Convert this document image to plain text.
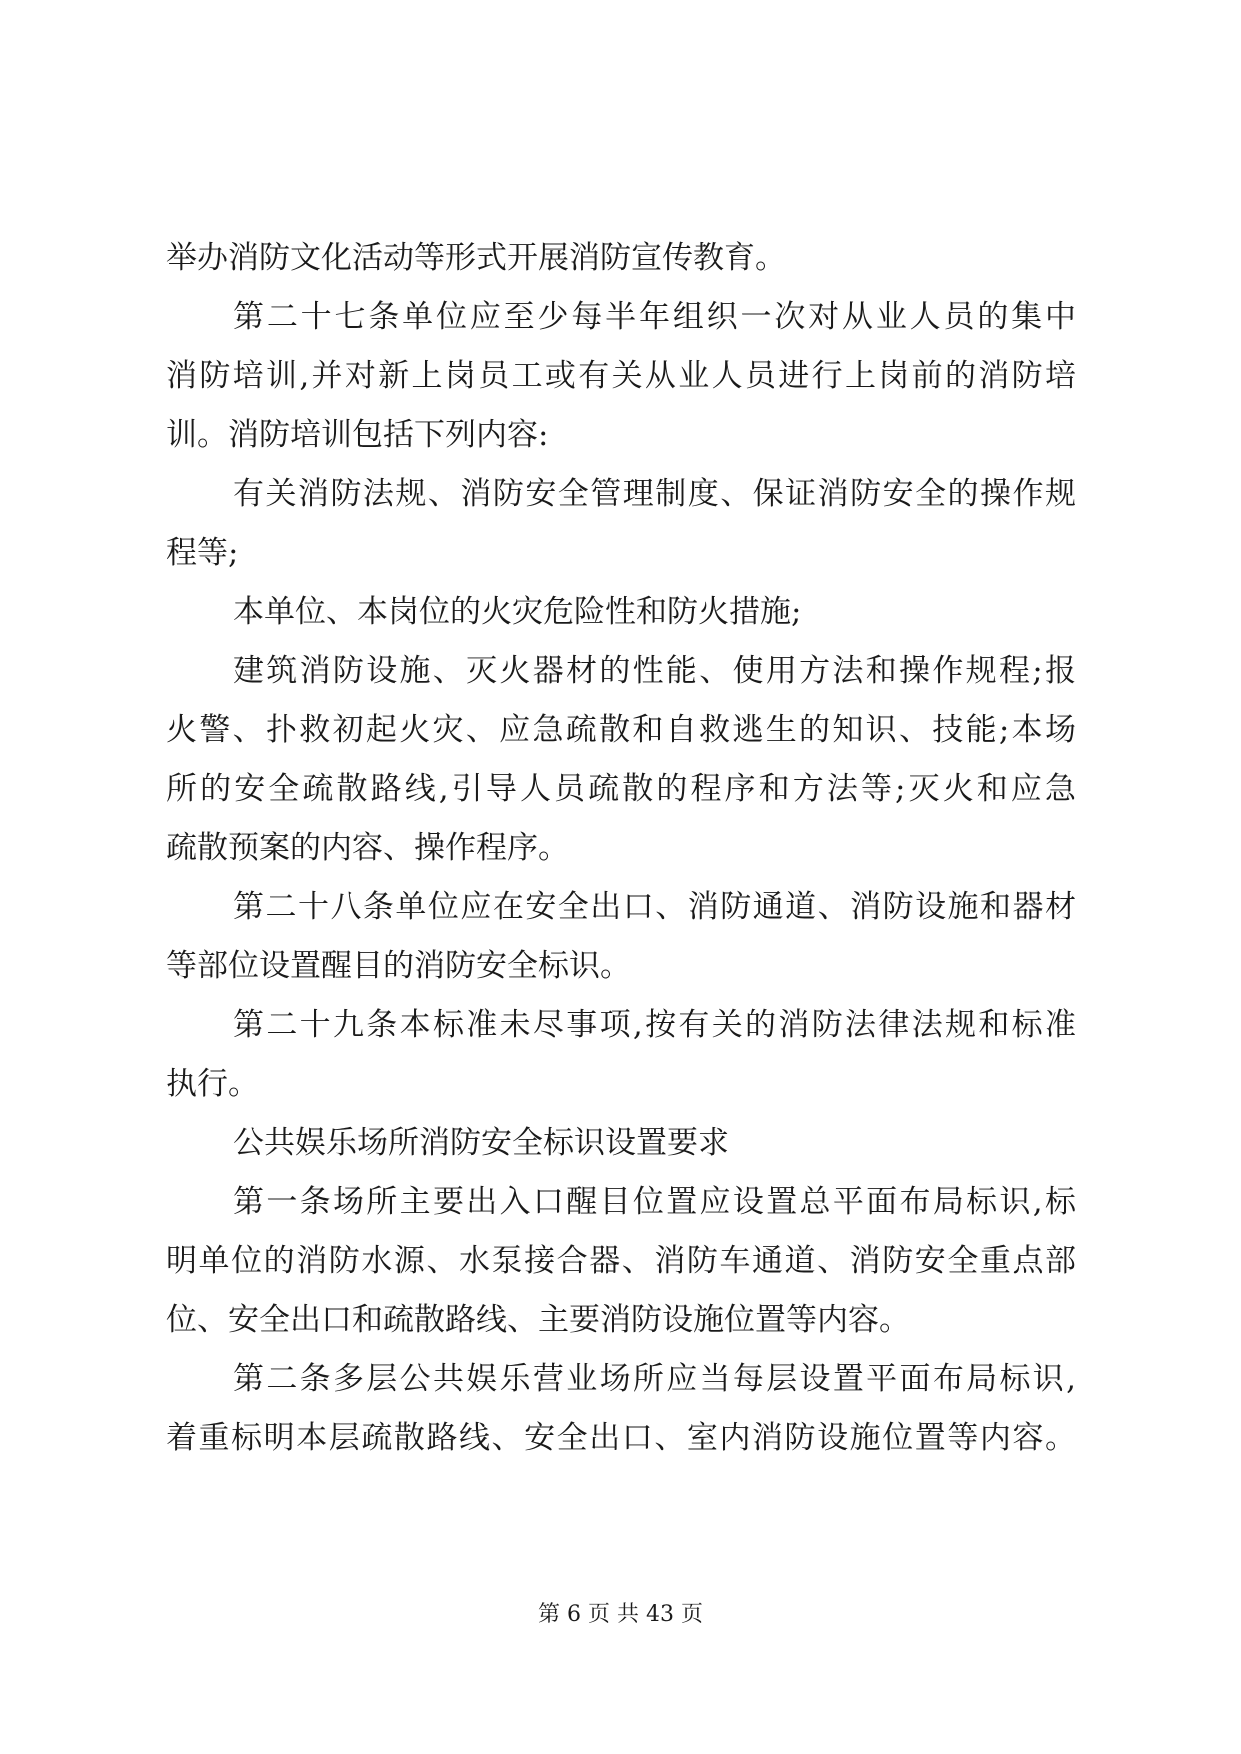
举办消防文化活动等形式开展消防宣传教育。
第二十七条单位应至少每半年组织一次对从业人员的集中
消防培训,并对新上岗员工或有关从业人员进行上岗前的消防培
训。消防培训包括下列内容:
有关消防法规、消防安全管理制度、保证消防安全的操作规
程等;
本单位、本岗位的火灾危险性和防火措施;
建筑消防设施、灭火器材的性能、使用方法和操作规程;报
火警、扑救初起火灾、应急疏散和自救逃生的知识、技能;本场
所的安全疏散路线,引导人员疏散的程序和方法等;灭火和应急
疏散预案的内容、操作程序。
第二十八条单位应在安全出口、消防通道、消防设施和器材
等部位设置醒目的消防安全标识。
第二十九条本标准未尽事项,按有关的消防法律法规和标准
执行。
公共娱乐场所消防安全标识设置要求
第一条场所主要出入口醒目位置应设置总平面布局标识,标
明单位的消防水源、水泵接合器、消防车通道、消防安全重点部
位、安全出口和疏散路线、主要消防设施位置等内容。
第二条多层公共娱乐营业场所应当每层设置平面布局标识,
着重标明本层疏散路线、安全出口、室内消防设施位置等内容。
第 6 页 共 43 页
